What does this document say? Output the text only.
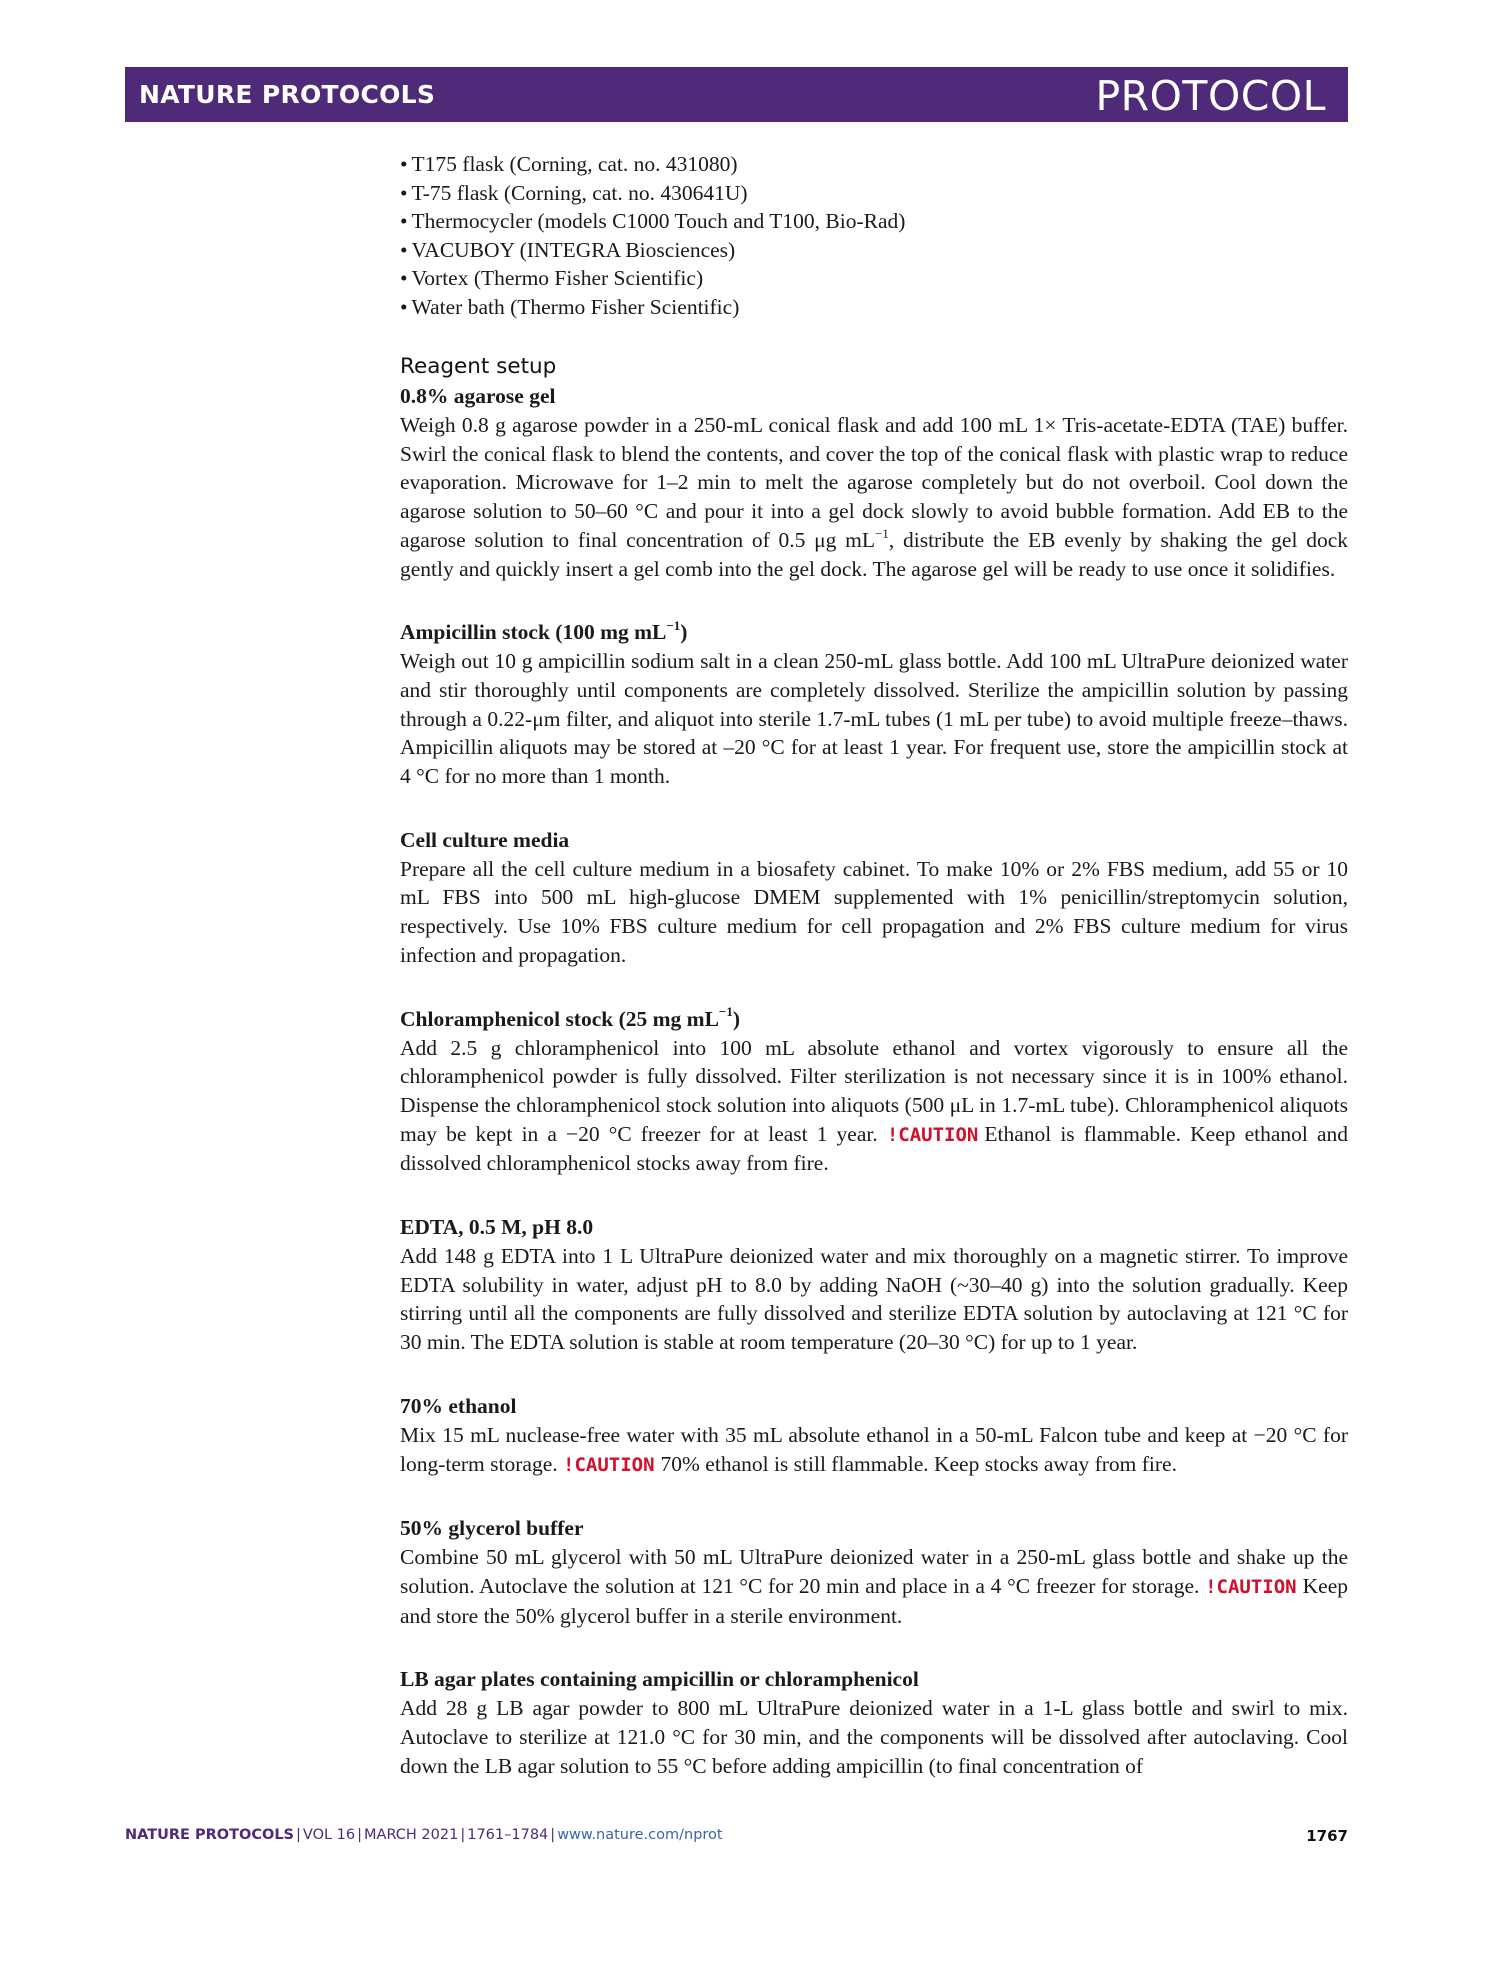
NATURE PROTOCOLS	PROTOCOL
• T175 flask (Corning, cat. no. 431080)
• T-75 flask (Corning, cat. no. 430641U)
• Thermocycler (models C1000 Touch and T100, Bio-Rad)
• VACUBOY (INTEGRA Biosciences)
• Vortex (Thermo Fisher Scientific)
• Water bath (Thermo Fisher Scientific)
Reagent setup
0.8% agarose gel

Weigh 0.8 g agarose powder in a 250-mL conical flask and add 100 mL 1× Tris-acetate-EDTA (TAE) buffer. Swirl the conical flask to blend the contents, and cover the top of the conical flask with plastic wrap to reduce evaporation. Microwave for 1–2 min to melt the agarose completely but do not overboil. Cool down the agarose solution to 50–60 °C and pour it into a gel dock slowly to avoid bubble formation. Add EB to the agarose solution to final concentration of 0.5 μg $mL^{-1}$, distribute the EB evenly by shaking the gel dock gently and quickly insert a gel comb into the gel dock. The agarose gel will be ready to use once it solidifies.

Ampicillin stock (100 mg $mL^{-1}$)

Weigh out 10 g ampicillin sodium salt in a clean 250-mL glass bottle. Add 100 mL UltraPure deionized water and stir thoroughly until components are completely dissolved. Sterilize the ampicillin solution by passing through a 0.22-μm filter, and aliquot into sterile 1.7-mL tubes (1 mL per tube) to avoid multiple freeze–thaws. Ampicillin aliquots may be stored at –20 °C for at least 1 year. For frequent use, store the ampicillin stock at 4 °C for no more than 1 month.

Cell culture media

Prepare all the cell culture medium in a biosafety cabinet. To make 10% or 2% FBS medium, add 55 or 10 mL FBS into 500 mL high-glucose DMEM supplemented with 1% penicillin/streptomycin solution, respectively. Use 10% FBS culture medium for cell propagation and 2% FBS culture medium for virus infection and propagation.

Chloramphenicol stock (25 mg $mL^{-1}$)

Add 2.5 g chloramphenicol into 100 mL absolute ethanol and vortex vigorously to ensure all the chloramphenicol powder is fully dissolved. Filter sterilization is not necessary since it is in 100% ethanol. Dispense the chloramphenicol stock solution into aliquots (500 μL in 1.7-mL tube). Chloramphenicol aliquots may be kept in a −20 °C freezer for at least 1 year. !CAUTION Ethanol is flammable. Keep ethanol and dissolved chloramphenicol stocks away from fire.

EDTA, 0.5 M, pH 8.0

Add 148 g EDTA into 1 L UltraPure deionized water and mix thoroughly on a magnetic stirrer. To improve EDTA solubility in water, adjust pH to 8.0 by adding NaOH (~30–40 g) into the solution gradually. Keep stirring until all the components are fully dissolved and sterilize EDTA solution by autoclaving at 121 °C for 30 min. The EDTA solution is stable at room temperature (20–30 °C) for up to 1 year.

70% ethanol

Mix 15 mL nuclease-free water with 35 mL absolute ethanol in a 50-mL Falcon tube and keep at −20 °C for long-term storage. !CAUTION 70% ethanol is still flammable. Keep stocks away from fire.

50% glycerol buffer

Combine 50 mL glycerol with 50 mL UltraPure deionized water in a 250-mL glass bottle and shake up the solution. Autoclave the solution at 121 °C for 20 min and place in a 4 °C freezer for storage. !CAUTION Keep and store the 50% glycerol buffer in a sterile environment.

LB agar plates containing ampicillin or chloramphenicol

Add 28 g LB agar powder to 800 mL UltraPure deionized water in a 1-L glass bottle and swirl to mix. Autoclave to sterilize at 121.0 °C for 30 min, and the components will be dissolved after autoclaving. Cool down the LB agar solution to 55 °C before adding ampicillin (to final concentration of

NATURE PROTOCOLS | VOL 16 | MARCH 2021 | 1761–1784 | www.nature.com/nprot	1767
